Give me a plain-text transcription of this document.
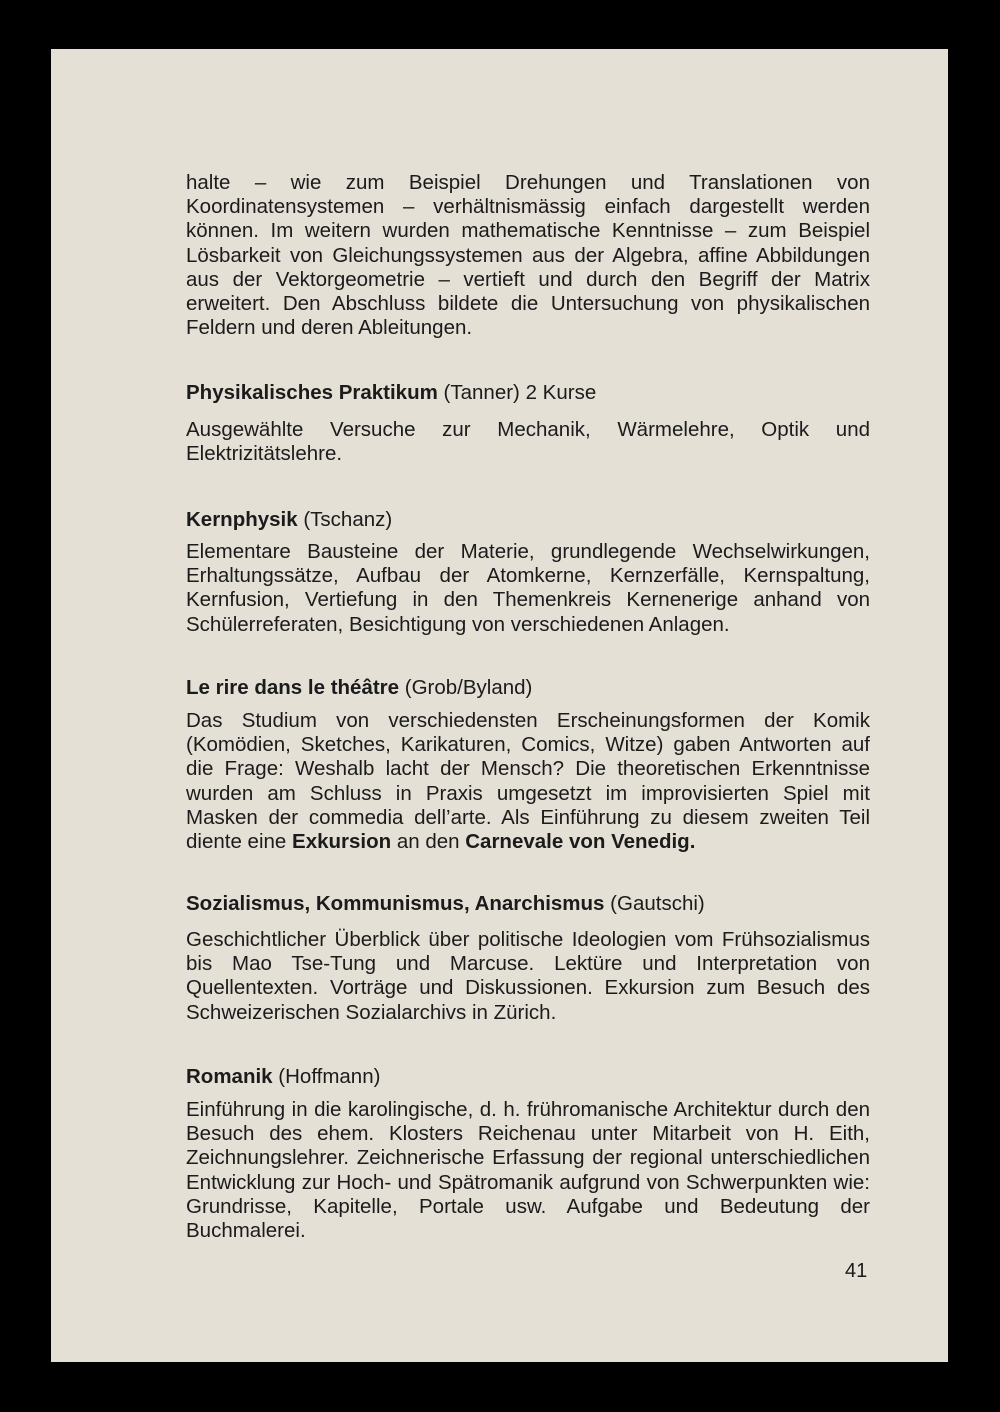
halte – wie zum Beispiel Drehungen und Translationen von Koordinatensystemen – verhältnismässig einfach dargestellt werden können. Im weitern wurden mathematische Kenntnisse – zum Beispiel Lösbarkeit von Gleichungssystemen aus der Algebra, affine Abbildungen aus der Vektorgeometrie – vertieft und durch den Begriff der Matrix erweitert. Den Abschluss bildete die Untersuchung von physikalischen Feldern und deren Ableitungen.

Physikalisches Praktikum (Tanner) 2 Kurse

Ausgewählte Versuche zur Mechanik, Wärmelehre, Optik und Elektrizitätslehre.

Kernphysik (Tschanz)

Elementare Bausteine der Materie, grundlegende Wechselwirkungen, Erhaltungssätze, Aufbau der Atomkerne, Kernzerfälle, Kernspaltung, Kernfusion, Vertiefung in den Themenkreis Kernenerige anhand von Schülerreferaten, Besichtigung von verschiedenen Anlagen.

Le rire dans le théâtre (Grob/Byland)

Das Studium von verschiedensten Erscheinungsformen der Komik (Komödien, Sketches, Karikaturen, Comics, Witze) gaben Antworten auf die Frage: Weshalb lacht der Mensch? Die theoretischen Erkenntnisse wurden am Schluss in Praxis umgesetzt im improvisierten Spiel mit Masken der commedia dell’arte. Als Einführung zu diesem zweiten Teil diente eine Exkursion an den Carnevale von Venedig.

Sozialismus, Kommunismus, Anarchismus (Gautschi)

Geschichtlicher Überblick über politische Ideologien vom Frühsozialismus bis Mao Tse-Tung und Marcuse. Lektüre und Interpretation von Quellentexten. Vorträge und Diskussionen. Exkursion zum Besuch des Schweizerischen Sozialarchivs in Zürich.

Romanik (Hoffmann)

Einführung in die karolingische, d. h. frühromanische Architektur durch den Besuch des ehem. Klosters Reichenau unter Mitarbeit von H. Eith, Zeichnungslehrer. Zeichnerische Erfassung der regional unterschiedlichen Entwicklung zur Hoch- und Spätromanik aufgrund von Schwerpunkten wie: Grundrisse, Kapitelle, Portale usw. Aufgabe und Bedeutung der Buchmalerei.

41
